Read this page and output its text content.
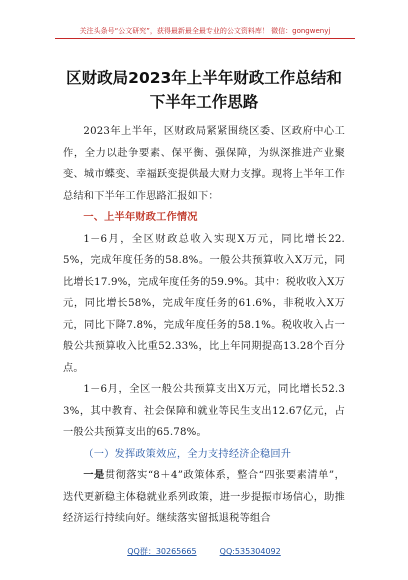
关注头条号“公文研究”，获得最新最全最专业的公文资料库！ 微信：gongwenyj
区财政局2023年上半年财政工作总结和
下半年工作思路

2023年上半年，区财政局紧紧围绕区委、区政府中心工作，全力以赴争要素、保平衡、强保障，为纵深推进产业聚变、城市蝶变、幸福跃变提供最大财力支撑。现将上半年工作总结和下半年工作思路汇报如下：

一、上半年财政工作情况

1－6月，全区财政总收入实现X万元，同比增长22.5%，完成年度任务的58.8%。一般公共预算收入X万元，同比增长17.9%，完成年度任务的59.9%。其中：税收收入X万元，同比增长58%，完成年度任务的61.6%，非税收入X万元，同比下降7.8%，完成年度任务的58.1%。税收收入占一般公共预算收入比重52.33%，比上年同期提高13.28个百分点。

1－6月，全区一般公共预算支出X万元，同比增长52.33%，其中教育、社会保障和就业等民生支出12.67亿元，占一般公共预算支出的65.78%。

（一）发挥政策效应，全力支持经济企稳回升

一是贯彻落实“8＋4”政策体系，整合“四张要素清单”，迭代更新稳主体稳就业系列政策，进一步提振市场信心，助推经济运行持续向好。继续落实留抵退税等组合

QQ群：30265665	QQ:535304092
